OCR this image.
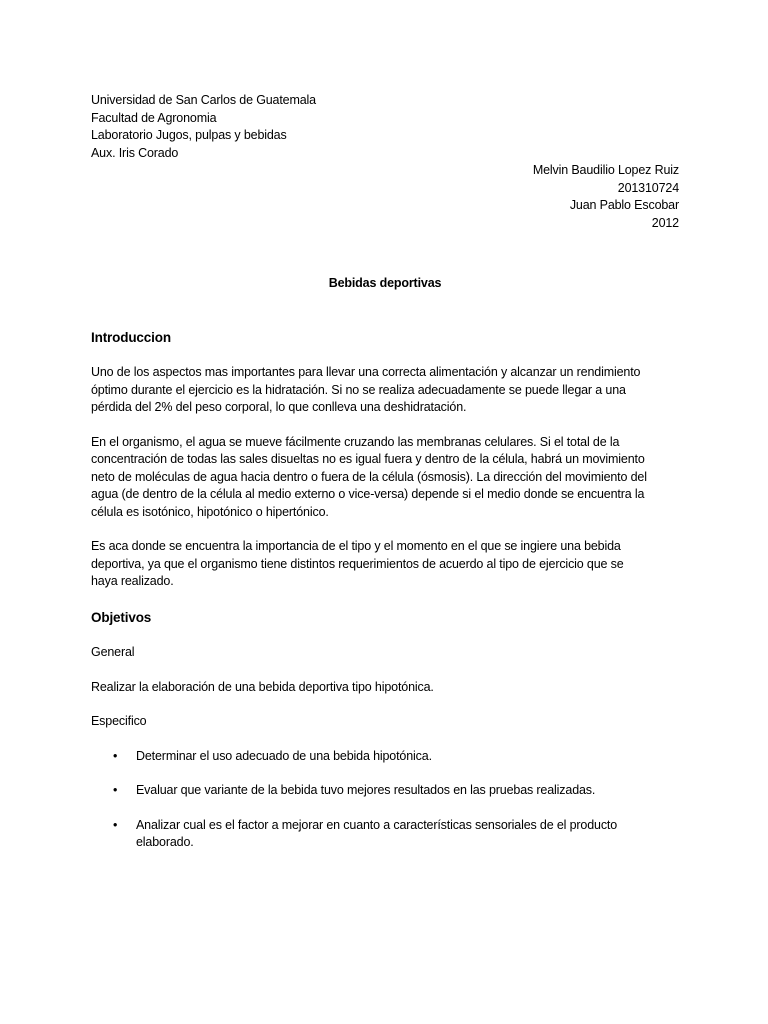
Universidad de San Carlos de Guatemala
Facultad de Agronomia
Laboratorio Jugos, pulpas y bebidas
Aux. Iris Corado
Melvin Baudilio Lopez Ruiz
201310724
Juan Pablo Escobar
2012
Bebidas deportivas
Introduccion

Uno de los aspectos mas importantes para llevar una correcta alimentación y alcanzar un rendimiento
óptimo durante el ejercicio es la hidratación. Si no se realiza adecuadamente se puede llegar a una
pérdida del 2% del peso corporal, lo que conlleva una deshidratación.

En el organismo, el agua se mueve fácilmente cruzando las membranas celulares. Si el total de la
concentración de todas las sales disueltas no es igual fuera y dentro de la célula, habrá un movimiento
neto de moléculas de agua hacia dentro o fuera de la célula (ósmosis). La dirección del movimiento del
agua (de dentro de la célula al medio externo o vice-versa) depende si el medio donde se encuentra la
célula es isotónico, hipotónico o hipertónico.

Es aca donde se encuentra la importancia de el tipo y el momento en el que se ingiere una bebida
deportiva, ya que el organismo tiene distintos requerimientos de acuerdo al tipo de ejercicio que se
haya realizado.

Objetivos
General
Realizar la elaboración de una bebida deportiva tipo hipotónica.
Especifico
• Determinar el uso adecuado de una bebida hipotónica.
• Evaluar que variante de la bebida tuvo mejores resultados en las pruebas realizadas.
• Analizar cual es el factor a mejorar en cuanto a características sensoriales de el producto
elaborado.
